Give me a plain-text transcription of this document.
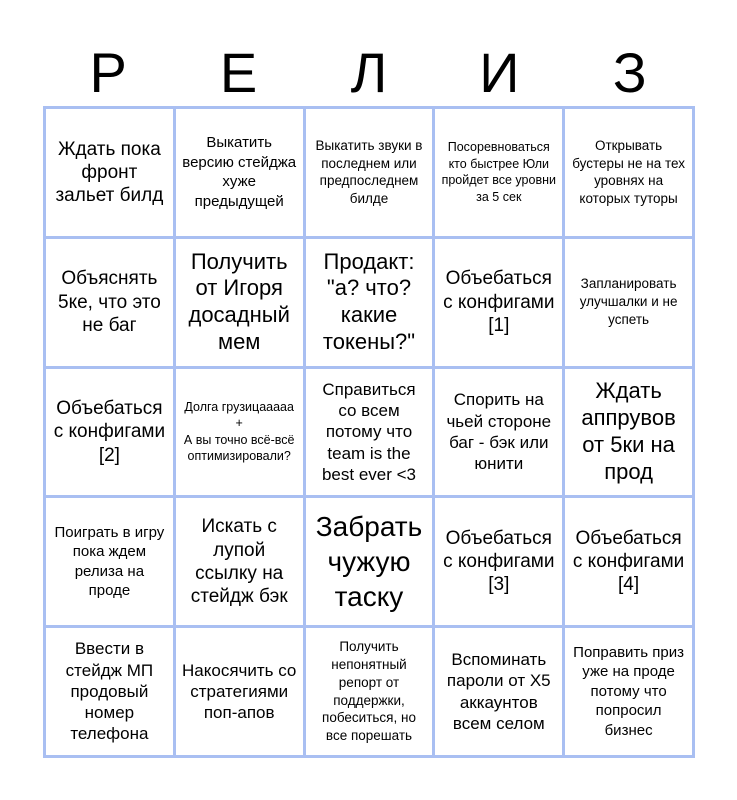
Р	Е	Л	И	З
Ждать пока фронт зальет билд
Выкатить версию стейджа хуже предыдущей
Выкатить звуки в последнем или предпоследнем билде
Посоревноваться кто быстрее Юли пройдет все уровни за 5 сек
Открывать бустеры не на тех уровнях на которых туторы
Объяснять 5ке, что это не баг
Получить от Игоря досадный мем
Продакт: "а? что? какие токены?"
Объебаться с конфигами [1]
Запланировать улучшалки и не успеть
Объебаться с конфигами [2]
Долга грузицааааа
+
А вы точно всё-всё оптимизировали?
Справиться со всем потому что team is the best ever <3
Спорить на чьей стороне баг - бэк или юнити
Ждать аппрувов от 5ки на прод
Поиграть в игру пока ждем релиза на проде
Искать с лупой ссылку на стейдж бэк
Забрать чужую таску
Объебаться с конфигами [3]
Объебаться с конфигами [4]
Ввести в стейдж МП продовый номер телефона
Накосячить со стратегиями поп-апов
Получить непонятный репорт от поддержки, побеситься, но все порешать
Вспоминать пароли от X5 аккаунтов всем селом
Поправить приз уже на проде потому что попросил бизнес
